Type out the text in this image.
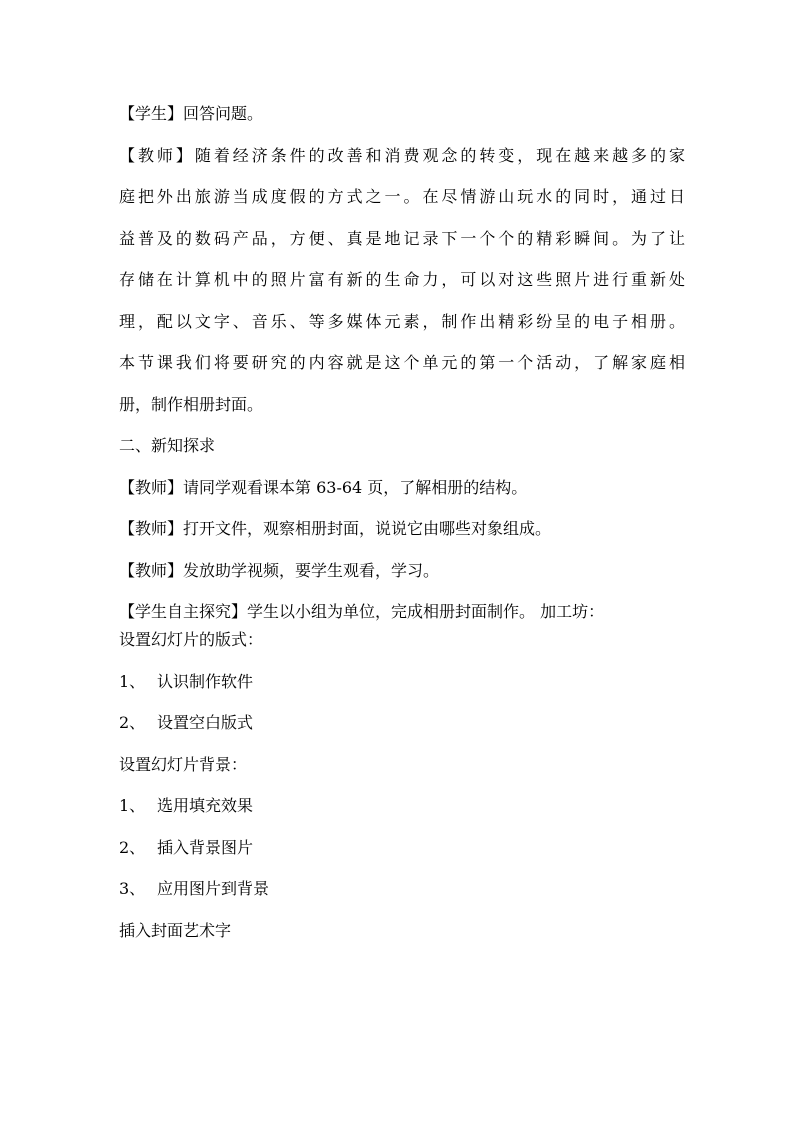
【学生】回答问题。

【教师】随着经济条件的改善和消费观念的转变，现在越来越多的家

庭把外出旅游当成度假的方式之一。在尽情游山玩水的同时，通过日

益普及的数码产品，方便、真是地记录下一个个的精彩瞬间。为了让

存储在计算机中的照片富有新的生命力，可以对这些照片进行重新处

理，配以文字、音乐、等多媒体元素，制作出精彩纷呈的电子相册。

本节课我们将要研究的内容就是这个单元的第一个活动，了解家庭相

册，制作相册封面。

二、新知探求

【教师】请同学观看课本第 63-64 页，了解相册的结构。

【教师】打开文件，观察相册封面，说说它由哪些对象组成。

【教师】发放助学视频，要学生观看，学习。

【学生自主探究】学生以小组为单位，完成相册封面制作。 加工坊：

设置幻灯片的版式：

1、 认识制作软件
2、 设置空白版式

设置幻灯片背景：

1、 选用填充效果
2、 插入背景图片
3、 应用图片到背景

插入封面艺术字
